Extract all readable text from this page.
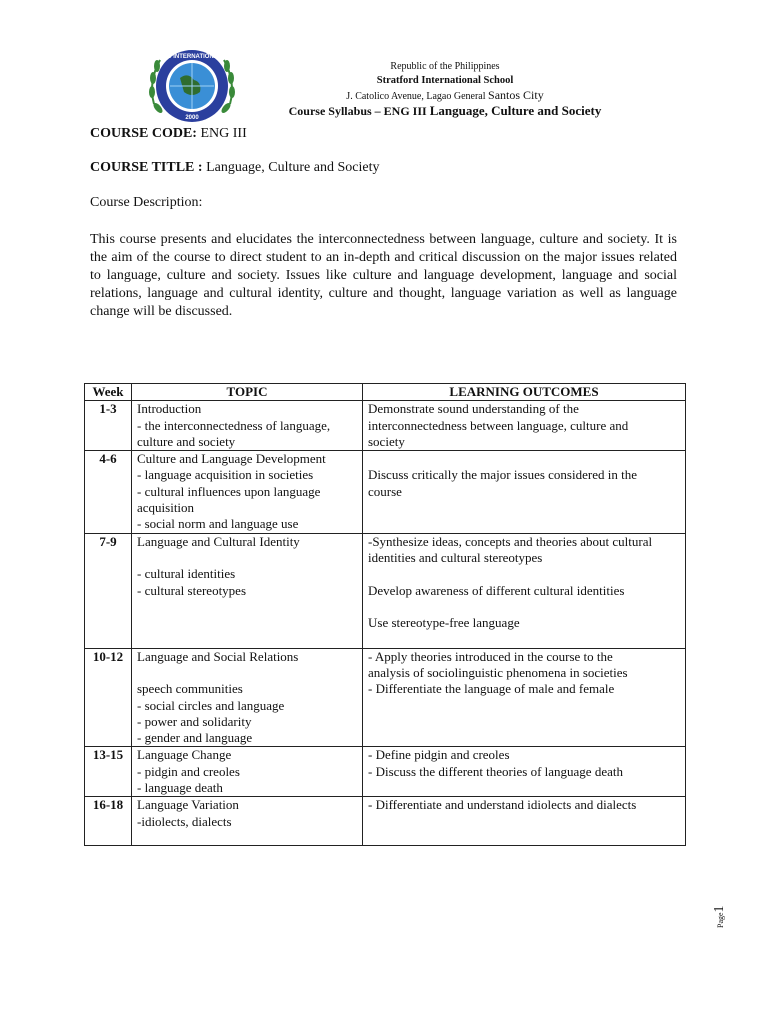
STRATFORD INTERNATIONAL SCHOOL
2000
Republic of the Philippines
Stratford International School
J. Catolico Avenue, Lagao General Santos City
Course Syllabus – ENG III Language, Culture and Society
COURSE CODE: ENG III
COURSE TITLE : Language, Culture and Society
Course Description:
This course presents and elucidates the interconnectedness between language, culture and society. It is the aim of the course to direct student to an in-depth and critical discussion on the major issues related to language, culture and society. Issues like culture and language development, language and social relations, language and cultural identity, culture and thought, language variation as well as language change will be discussed.
Week	TOPIC	LEARNING OUTCOMES
1-3	Introduction
- the interconnectedness of language,
culture and society	Demonstrate sound understanding of the
interconnectedness between language, culture and
society

4-6	Culture and Language Development
- language acquisition in societies
- cultural influences upon language
acquisition
- social norm and language use	Discuss critically the major issues considered in the
course

7-9	Language and Cultural Identity
- cultural identities
- cultural stereotypes	-Synthesize ideas, concepts and theories about cultural
identities and cultural stereotypes
Develop awareness of different cultural identities
Use stereotype-free language

10-12	Language and Social Relations
speech communities
- social circles and language
- power and solidarity
- gender and language	- Apply theories introduced in the course to the
analysis of sociolinguistic phenomena in societies
- Differentiate the language of male and female

13-15	Language Change
- pidgin and creoles
- language death	- Define pidgin and creoles
- Discuss the different theories of language death

16-18	Language Variation
-idiolects, dialects	- Differentiate and understand idiolects and dialects
Page1
